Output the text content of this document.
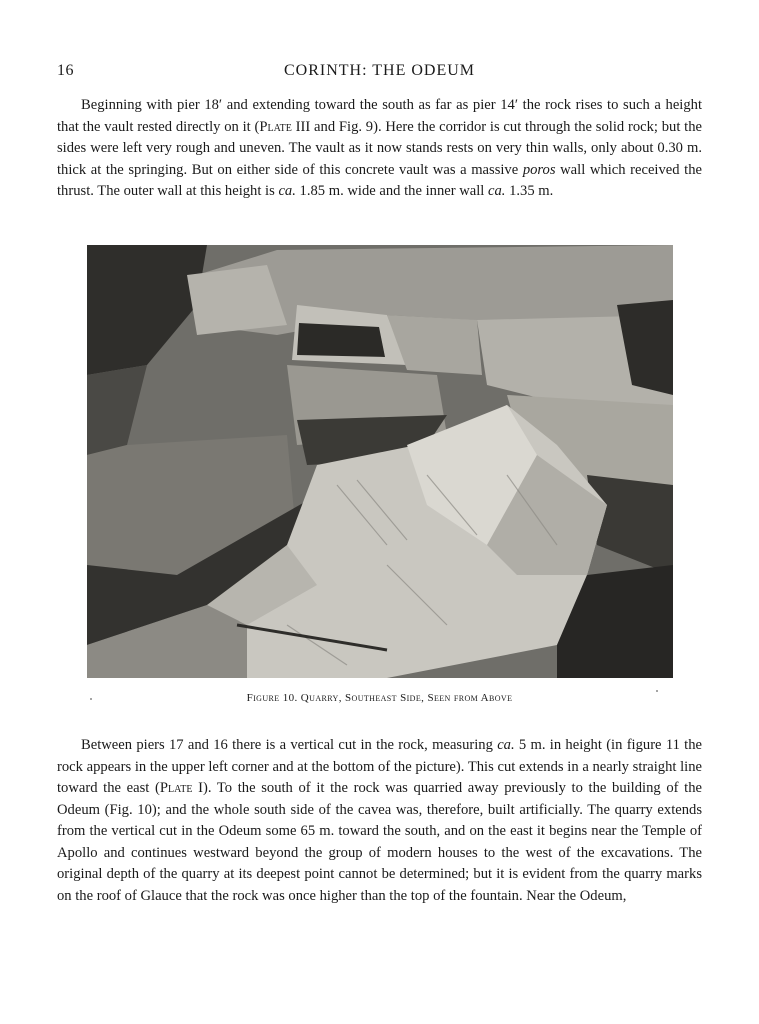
16	CORINTH: THE ODEUM

Beginning with pier 18′ and extending toward the south as far as pier 14′ the rock rises to such a height that the vault rested directly on it (Plate III and Fig. 9). Here the corridor is cut through the solid rock; but the sides were left very rough and uneven. The vault as it now stands rests on very thin walls, only about 0.30 m. thick at the springing. But on either side of this concrete vault was a massive poros wall which received the thrust. The outer wall at this height is ca. 1.85 m. wide and the inner wall ca. 1.35 m.

Figure 10. Quarry, Southeast Side, Seen from Above

Between piers 17 and 16 there is a vertical cut in the rock, measuring ca. 5 m. in height (in figure 11 the rock appears in the upper left corner and at the bottom of the picture). This cut extends in a nearly straight line toward the east (Plate I). To the south of it the rock was quarried away previously to the building of the Odeum (Fig. 10); and the whole south side of the cavea was, therefore, built artificially. The quarry extends from the vertical cut in the Odeum some 65 m. toward the south, and on the east it begins near the Temple of Apollo and continues westward beyond the group of modern houses to the west of the excavations. The original depth of the quarry at its deepest point cannot be determined; but it is evident from the quarry marks on the roof of Glauce that the rock was once higher than the top of the fountain. Near the Odeum,
